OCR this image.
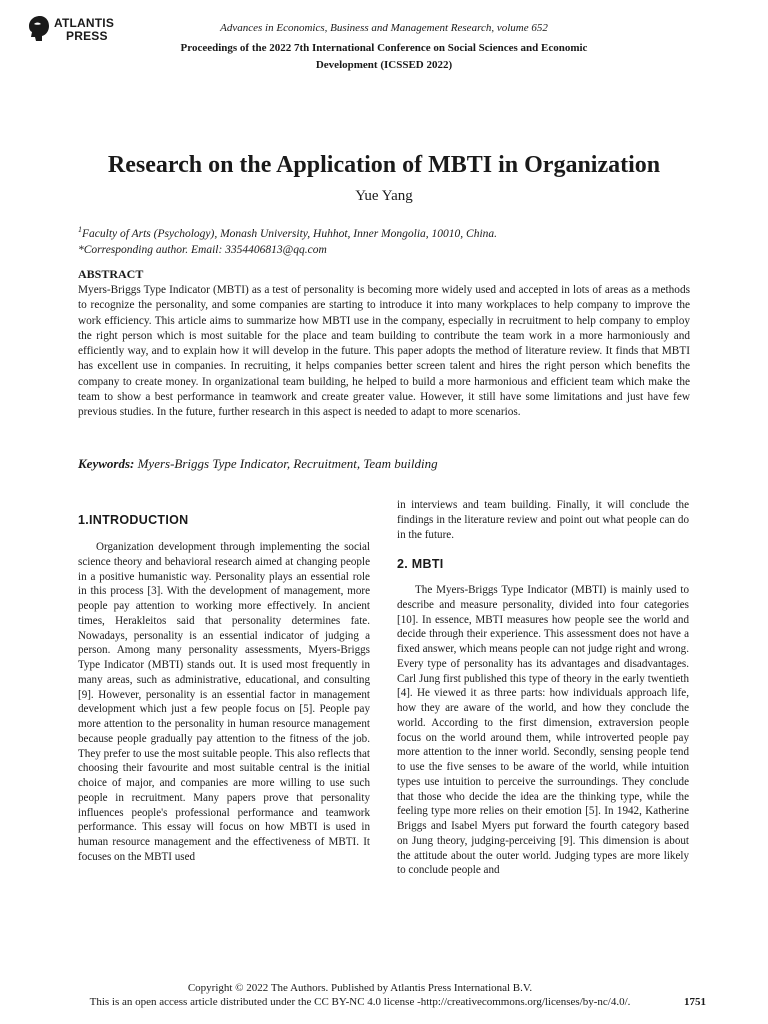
ATLANTIS
PRESS
Advances in Economics, Business and Management Research, volume 652
Proceedings of the 2022 7th International Conference on Social Sciences and Economic Development (ICSSED 2022)
Research on the Application of MBTI in Organization
Yue Yang
$^1$Faculty of Arts (Psychology), Monash University, Huhhot, Inner Mongolia, 10010, China.
*Corresponding author. Email: 3354406813@qq.com
ABSTRACT
Myers-Briggs Type Indicator (MBTI) as a test of personality is becoming more widely used and accepted in lots of areas as a methods to recognize the personality, and some companies are starting to introduce it into many workplaces to help company to improve the work efficiency. This article aims to summarize how MBTI use in the company, especially in recruitment to help company to employ the right person which is most suitable for the place and team building to contribute the team work in a more harmoniously and efficiently way, and to explain how it will develop in the future. This paper adopts the method of literature review. It finds that MBTI has excellent use in companies. In recruiting, it helps companies better screen talent and hires the right person which benefits the company to create money. In organizational team building, he helped to build a more harmonious and efficient team which make the team to show a best performance in teamwork and create greater value. However, it still have some limitations and just have few previous studies. In the future, further research in this aspect is needed to adapt to more scenarios.
Keywords: Myers-Briggs Type Indicator, Recruitment, Team building
1.INTRODUCTION

Organization development through implementing the social science theory and behavioral research aimed at changing people in a positive humanistic way. Personality plays an essential role in this process [3]. With the development of management, more people pay attention to working more effectively. In ancient times, Herakleitos said that personality determines fate. Nowadays, personality is an essential indicator of judging a person. Among many personality assessments, Myers-Briggs Type Indicator (MBTI) stands out. It is used most frequently in many areas, such as administrative, educational, and consulting [9]. However, personality is an essential factor in management development which just a few people focus on [5]. People pay more attention to the personality in human resource management because people gradually pay attention to the fitness of the job. They prefer to use the most suitable people. This also reflects that choosing their favourite and most suitable central is the initial choice of major, and companies are more willing to use such people in recruitment. Many papers prove that personality influences people's professional performance and teamwork performance. This essay will focus on how MBTI is used in human resource management and the effectiveness of MBTI. It focuses on the MBTI used

in interviews and team building. Finally, it will conclude the findings in the literature review and point out what people can do in the future.

2. MBTI

The Myers-Briggs Type Indicator (MBTI) is mainly used to describe and measure personality, divided into four categories [10]. In essence, MBTI measures how people see the world and decide through their experience. This assessment does not have a fixed answer, which means people can not judge right and wrong. Every type of personality has its advantages and disadvantages. Carl Jung first published this type of theory in the early twentieth [4]. He viewed it as three parts: how individuals approach life, how they are aware of the world, and how they conclude the world. According to the first dimension, extraversion people focus on the world around them, while introverted people pay more attention to the inner world. Secondly, sensing people tend to use the five senses to be aware of the world, while intuition types use intuition to perceive the surroundings. They conclude that those who decide the idea are the thinking type, while the feeling type more relies on their emotion [5]. In 1942, Katherine Briggs and Isabel Myers put forward the fourth category based on Jung theory, judging-perceiving [9]. This dimension is about the attitude about the outer world. Judging types are more likely to conclude people and

Copyright © 2022 The Authors. Published by Atlantis Press International B.V.
This is an open access article distributed under the CC BY-NC 4.0 license -http://creativecommons.org/licenses/by-nc/4.0/.	1751
